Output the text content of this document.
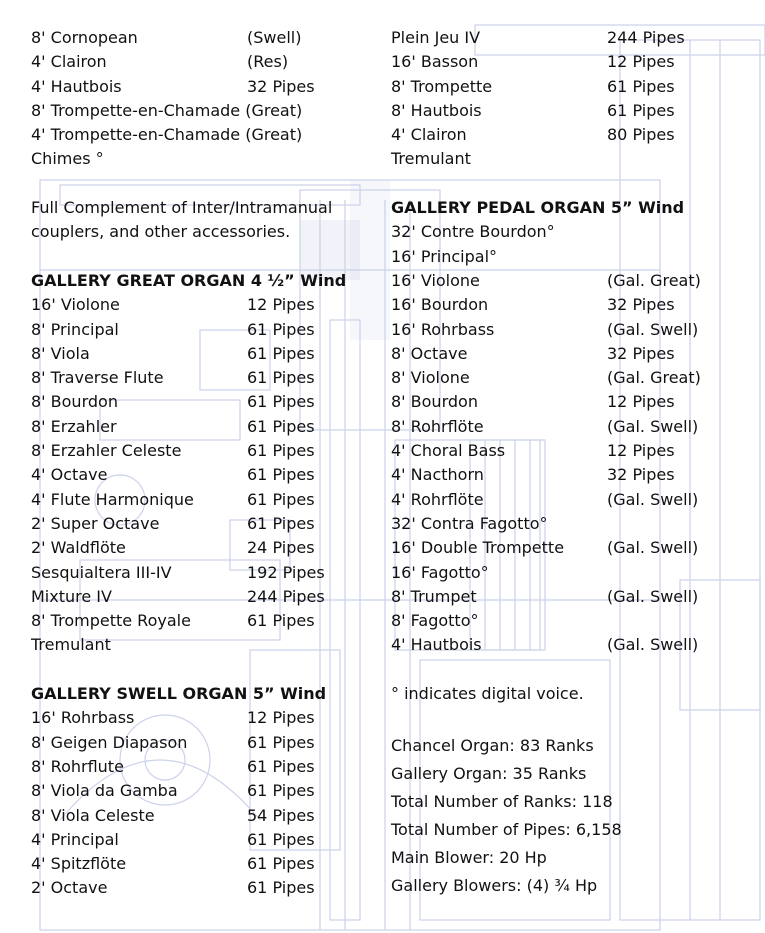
8' Cornopean	(Swell)
4' Clairon	(Res)
4' Hautbois	32 Pipes
8' Trompette-en-Chamade (Great)
4' Trompette-en-Chamade (Great)
Chimes °
Full Complement of Inter/Intramanual couplers, and other accessories.
GALLERY GREAT ORGAN 4 ½” Wind
16' Violone	12 Pipes
8' Principal	61 Pipes
8' Viola	61 Pipes
8' Traverse Flute	61 Pipes
8' Bourdon	61 Pipes
8' Erzahler	61 Pipes
8' Erzahler Celeste	61 Pipes
4' Octave	61 Pipes
4' Flute Harmonique	61 Pipes
2' Super Octave	61 Pipes
2' Waldflöte	24 Pipes
Sesquialtera III-IV	192 Pipes
Mixture IV	244 Pipes
8' Trompette Royale	61 Pipes
Tremulant
GALLERY SWELL ORGAN 5” Wind
16' Rohrbass	12 Pipes
8' Geigen Diapason	61 Pipes
8' Rohrflute	61 Pipes
8' Viola da Gamba	61 Pipes
8' Viola Celeste	54 Pipes
4' Principal	61 Pipes
4' Spitzflöte	61 Pipes
2' Octave	61 Pipes
Plein Jeu IV	244 Pipes
16' Basson	12 Pipes
8' Trompette	61 Pipes
8' Hautbois	61 Pipes
4' Clairon	80 Pipes
Tremulant
GALLERY PEDAL ORGAN 5” Wind
32' Contre Bourdon°
16' Principal°
16' Violone	(Gal. Great)
16' Bourdon	32 Pipes
16' Rohrbass	(Gal. Swell)
8' Octave	32 Pipes
8' Violone	(Gal. Great)
8' Bourdon	12 Pipes
8' Rohrflöte	(Gal. Swell)
4' Choral Bass	12 Pipes
4' Nacthorn	32 Pipes
4' Rohrflöte	(Gal. Swell)
32' Contra Fagotto°
16' Double Trompette	(Gal. Swell)
16' Fagotto°
8' Trumpet	(Gal. Swell)
8' Fagotto°
4' Hautbois	(Gal. Swell)
° indicates digital voice.
Chancel Organ: 83 Ranks
Gallery Organ: 35 Ranks
Total Number of Ranks: 118
Total Number of Pipes: 6,158
Main Blower: 20 Hp
Gallery Blowers: (4) ¾ Hp
